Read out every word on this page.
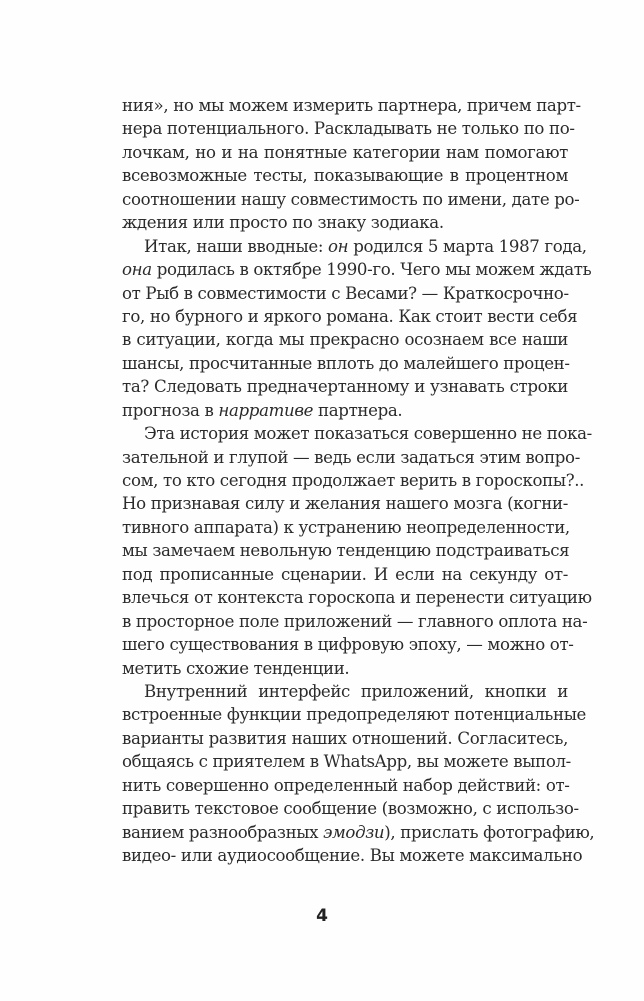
ния», но мы можем измерить партнера, причем парт-
нера потенциального. Раскладывать не только по по-
лочкам, но и на понятные категории нам помогают
всевозможные тесты, показывающие в процентном
соотношении нашу совместимость по имени, дате ро-
ждения или просто по знаку зодиака.
Итак, наши вводные: он родился 5 марта 1987 года,
она родилась в октябре 1990-го. Чего мы можем ждать
от Рыб в совместимости с Весами? — Краткосрочно-
го, но бурного и яркого романа. Как стоит вести себя
в ситуации, когда мы прекрасно осознаем все наши
шансы, просчитанные вплоть до малейшего процен-
та? Следовать предначертанному и узнавать строки
прогноза в нарративе партнера.
Эта история может показаться совершенно не пока-
зательной и глупой — ведь если задаться этим вопро-
сом, то кто сегодня продолжает верить в гороскопы?..
Но признавая силу и желания нашего мозга (когни-
тивного аппарата) к устранению неопределенности,
мы замечаем невольную тенденцию подстраиваться
под прописанные сценарии. И если на секунду от-
влечься от контекста гороскопа и перенести ситуацию
в просторное поле приложений — главного оплота на-
шего существования в цифровую эпоху, — можно от-
метить схожие тенденции.
Внутренний интерфейс приложений, кнопки и
встроенные функции предопределяют потенциальные
варианты развития наших отношений. Согласитесь,
общаясь с приятелем в WhatsApp, вы можете выпол-
нить совершенно определенный набор действий: от-
править текстовое сообщение (возможно, с использо-
ванием разнообразных эмодзи), прислать фотографию,
видео- или аудиосообщение. Вы можете максимально
4
